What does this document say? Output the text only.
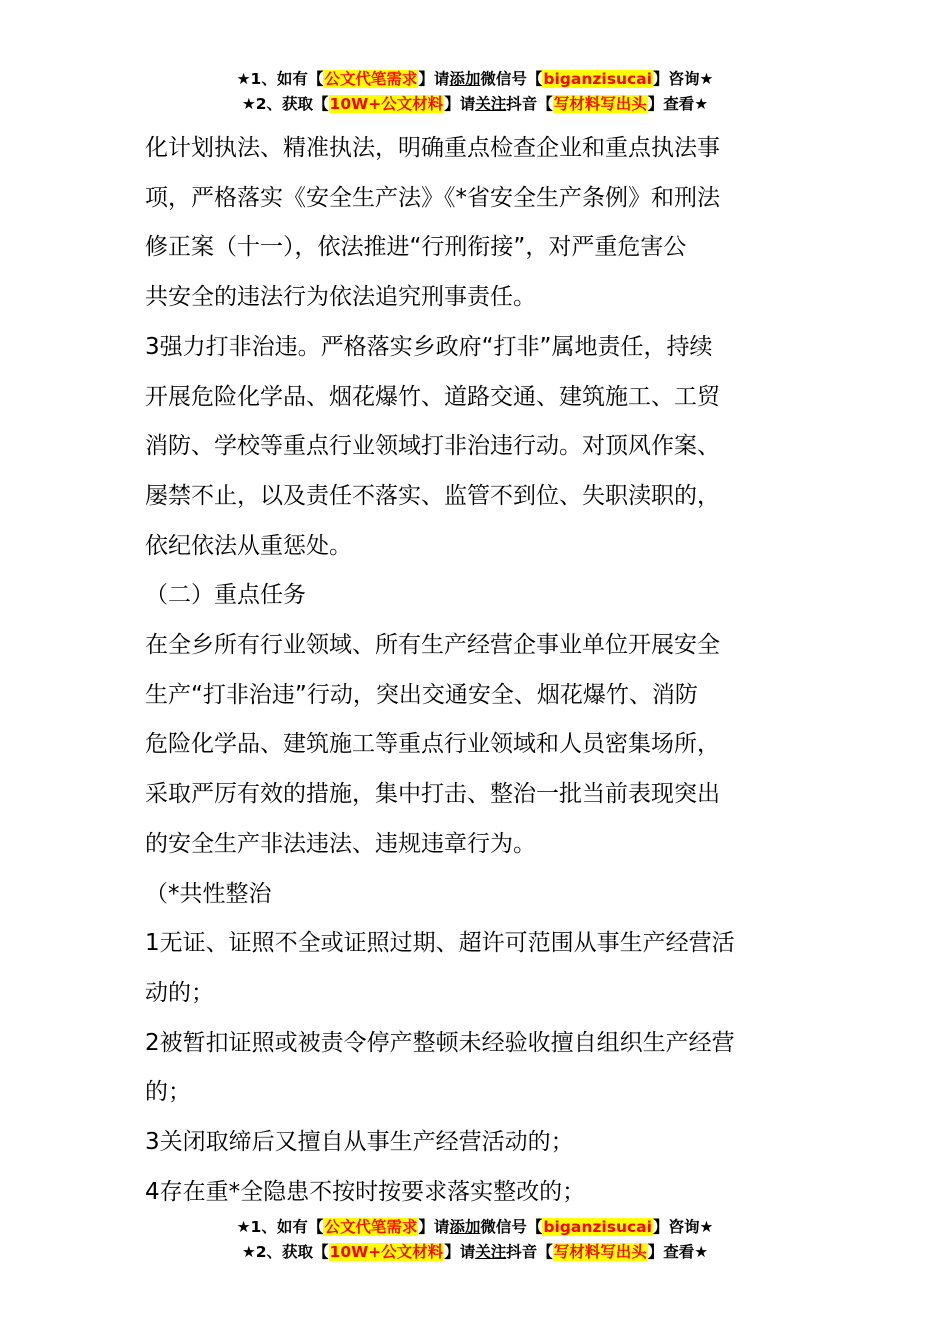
★1、如有【公文代笔需求】请添加微信号【biganzisucai】咨询★
★2、获取【10W+公文材料】请关注抖音【写材料写出头】查看★

化计划执法、精准执法，明确重点检查企业和重点执法事

项，严格落实《安全生产法》《*省安全生产条例》和刑法

修正案（十一），依法推进“行刑衔接”，对严重危害公

共安全的违法行为依法追究刑事责任。

3强力打非治违。严格落实乡政府“打非”属地责任，持续

开展危险化学品、烟花爆竹、道路交通、建筑施工、工贸

消防、学校等重点行业领域打非治违行动。对顶风作案、

屡禁不止，以及责任不落实、监管不到位、失职渎职的，

依纪依法从重惩处。

（二）重点任务

在全乡所有行业领域、所有生产经营企事业单位开展安全

生产“打非治违”行动，突出交通安全、烟花爆竹、消防

危险化学品、建筑施工等重点行业领域和人员密集场所，

采取严厉有效的措施，集中打击、整治一批当前表现突出

的安全生产非法违法、违规违章行为。

（*共性整治

1无证、证照不全或证照过期、超许可范围从事生产经营活

动的；

2被暂扣证照或被责令停产整顿未经验收擅自组织生产经营

的；

3关闭取缔后又擅自从事生产经营活动的；

4存在重*全隐患不按时按要求落实整改的；

★1、如有【公文代笔需求】请添加微信号【biganzisucai】咨询★
★2、获取【10W+公文材料】请关注抖音【写材料写出头】查看★
